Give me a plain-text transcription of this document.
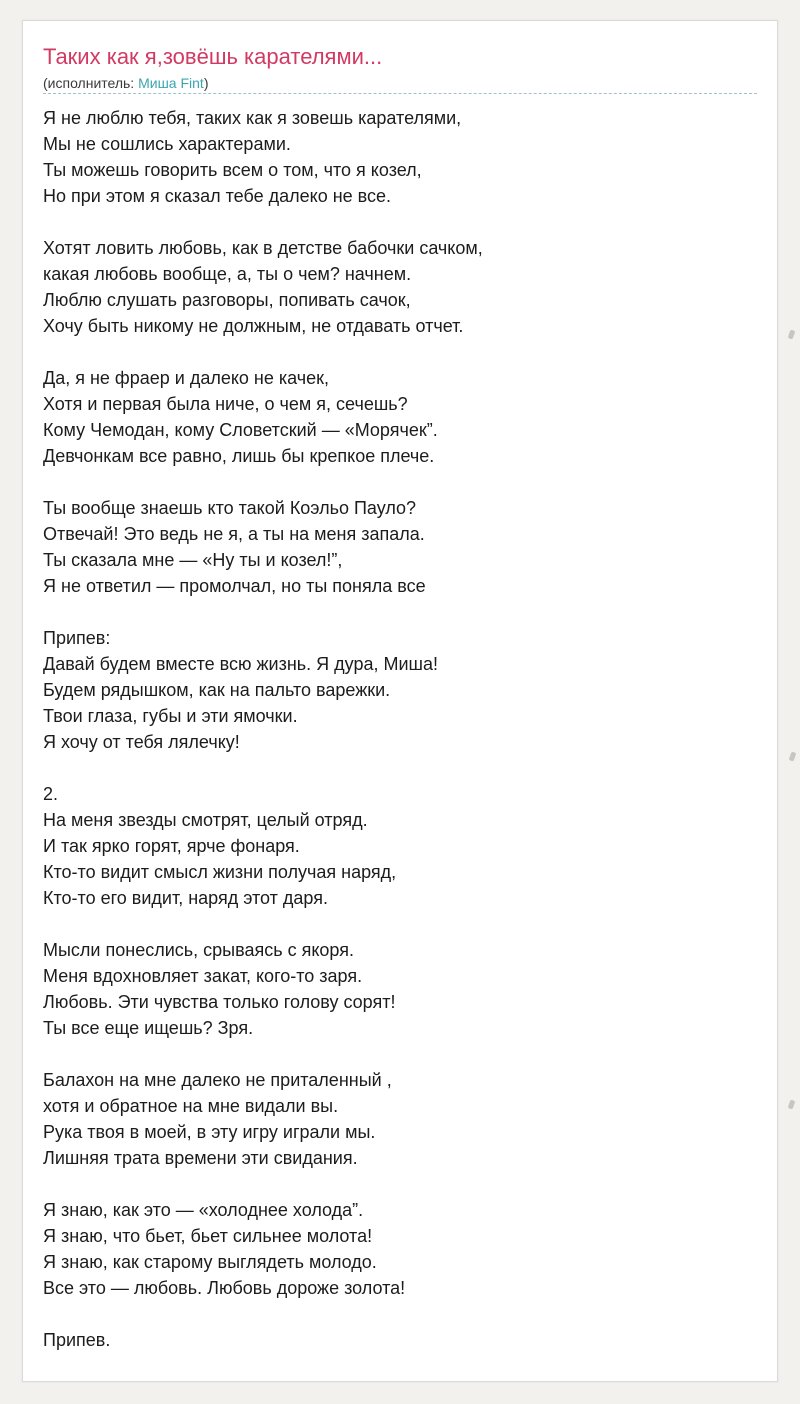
Таких как я,зовёшь карателями...
(исполнитель: Миша Fint)
Я не люблю тебя, таких как я зовешь карателями,
Мы не сошлись характерами.
Ты можешь говорить всем о том, что я козел,
Но при этом я сказал тебе далеко не все.
Хотят ловить любовь, как в детстве бабочки сачком,
какая любовь вообще, а, ты о чем? начнем.
Люблю слушать разговоры, попивать сачок,
Хочу быть никому не должным, не отдавать отчет.
Да, я не фраер и далеко не качек,
Хотя и первая была ниче, о чем я, сечешь?
Кому Чемодан, кому Словетский — «Морячек”.
Девчонкам все равно, лишь бы крепкое плече.
Ты вообще знаешь кто такой Коэльо Пауло?
Отвечай! Это ведь не я, а ты на меня запала.
Ты сказала мне — «Ну ты и козел!”,
Я не ответил — промолчал, но ты поняла все
Припев:
Давай будем вместе всю жизнь. Я дура, Миша!
Будем рядышком, как на пальто варежки.
Твои глаза, губы и эти ямочки.
Я хочу от тебя лялечку!
2.
На меня звезды смотрят, целый отряд.
И так ярко горят, ярче фонаря.
Кто-то видит смысл жизни получая наряд,
Кто-то его видит, наряд этот даря.
Мысли понеслись, срываясь с якоря.
Меня вдохновляет закат, кого-то заря.
Любовь. Эти чувства только голову сорят!
Ты все еще ищешь? Зря.
Балахон на мне далеко не приталенный ,
хотя и обратное на мне видали вы.
Рука твоя в моей, в эту игру играли мы.
Лишняя трата времени эти свидания.
Я знаю, как это — «холоднее холода”.
Я знаю, что бьет, бьет сильнее молота!
Я знаю, как старому выглядеть молодо.
Все это — любовь. Любовь дороже золота!
Припев.
